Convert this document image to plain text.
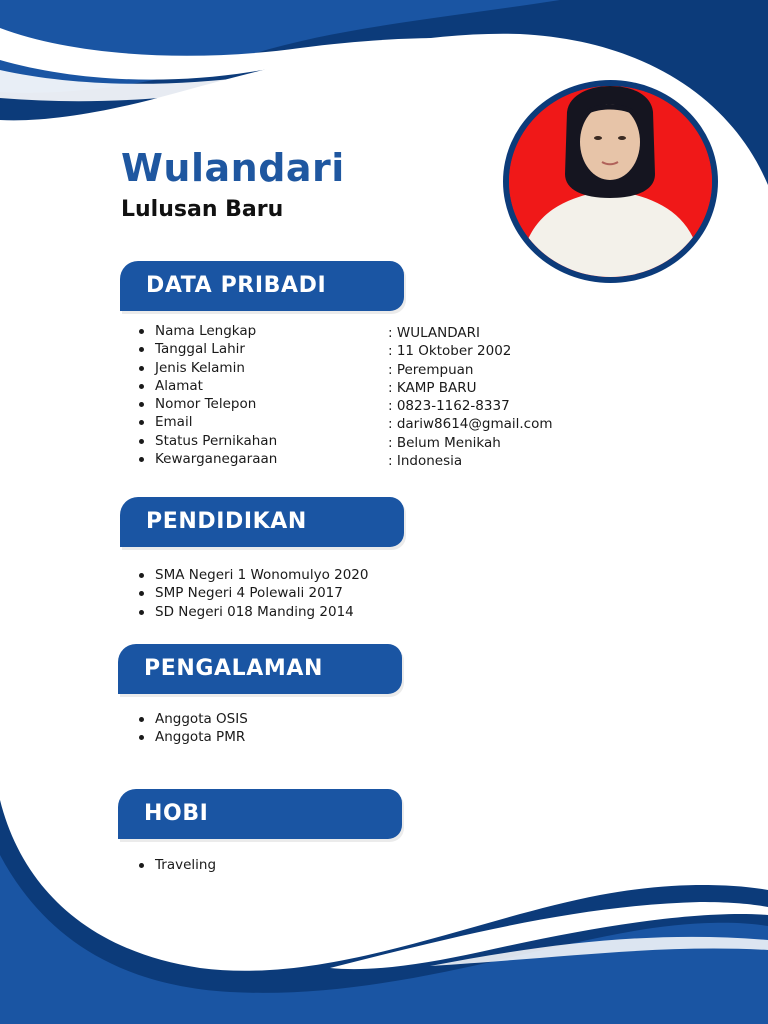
Wulandari
Lulusan Baru
DATA PRIBADI
Nama Lengkap
Tanggal Lahir
Jenis Kelamin
Alamat
Nomor Telepon
Email
Status Pernikahan
Kewarganegaraan
: WULANDARI
: 11 Oktober 2002
: Perempuan
: KAMP BARU
: 0823-1162-8337
: dariw8614@gmail.com
: Belum Menikah
: Indonesia
PENDIDIKAN
SMA Negeri 1 Wonomulyo 2020
SMP Negeri 4 Polewali 2017
SD Negeri 018 Manding 2014
PENGALAMAN
Anggota OSIS
Anggota PMR
HOBI
Traveling
